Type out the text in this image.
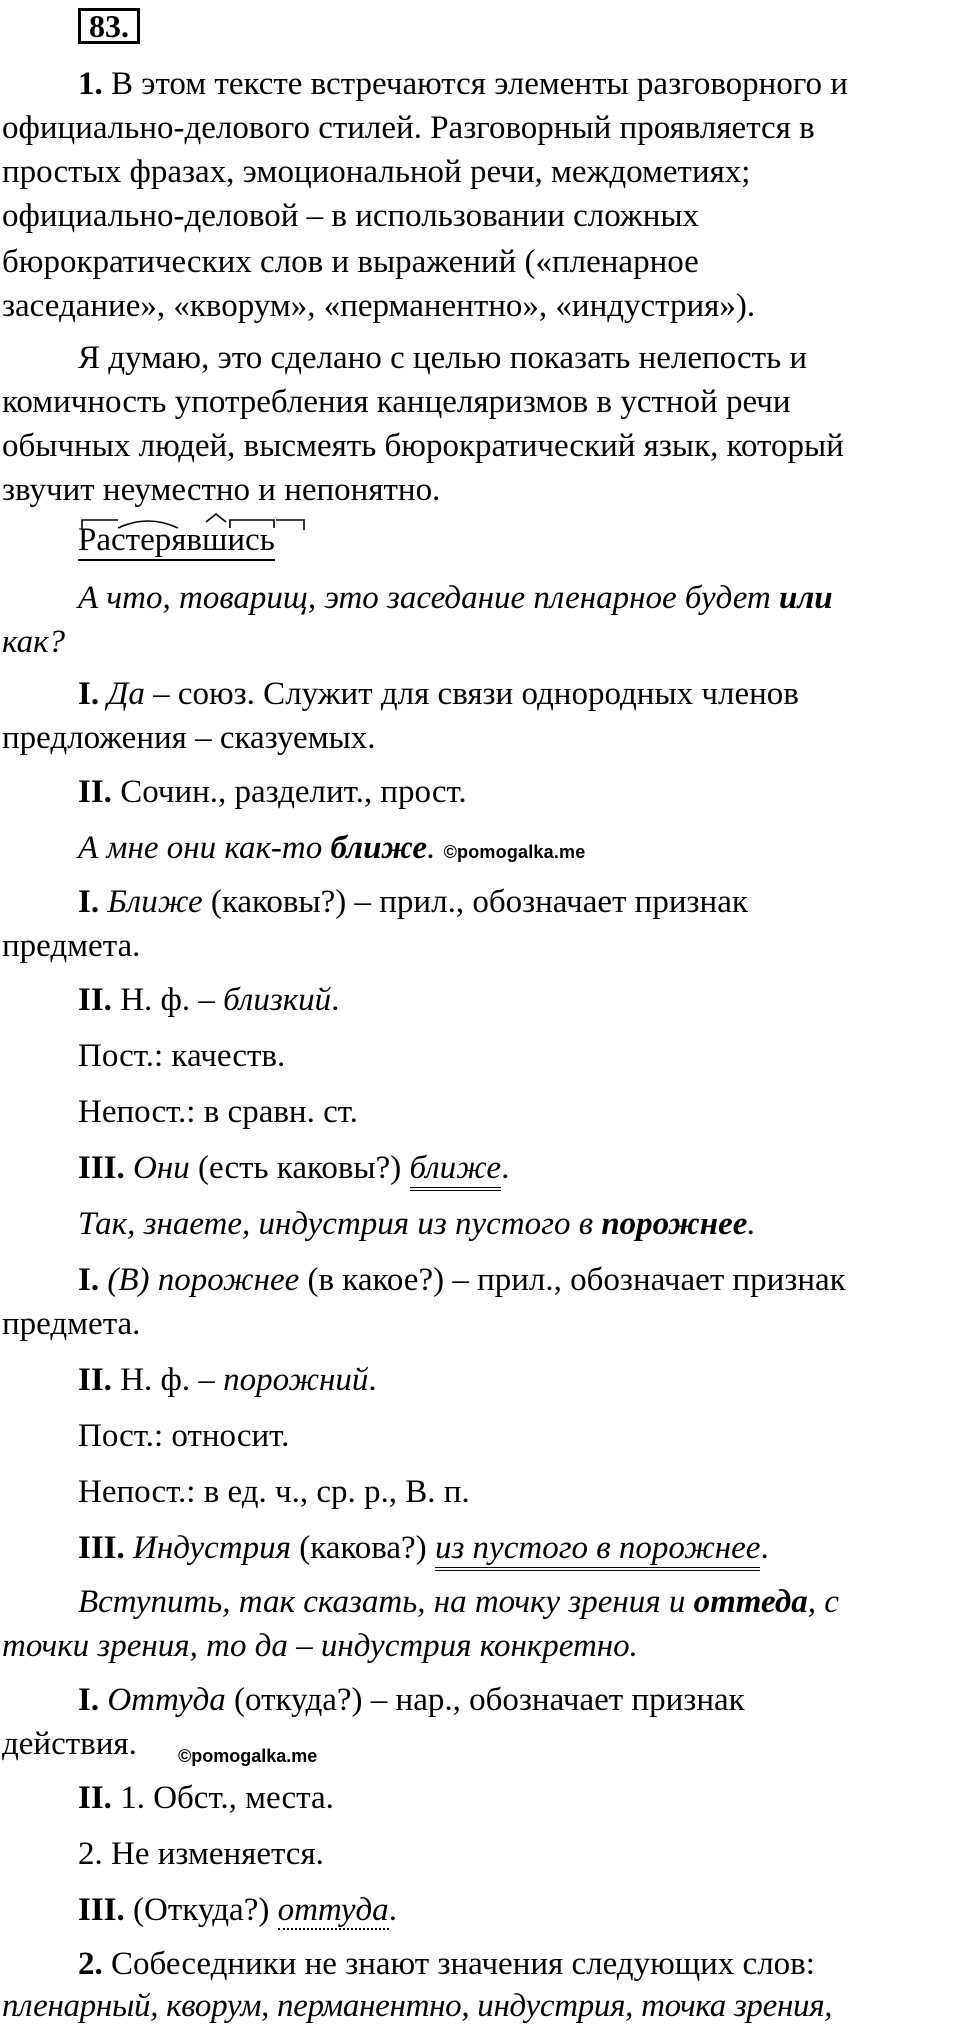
83.
1. В этом тексте встречаются элементы разговорного и
официально-делового стилей. Разговорный проявляется в
простых фразах, эмоциональной речи, междометиях;
официально-деловой – в использовании сложных
бюрократических слов и выражений («пленарное
заседание», «кворум», «перманентно», «индустрия»).
Я думаю, это сделано с целью показать нелепость и
комичность употребления канцеляризмов в устной речи
обычных людей, высмеять бюрократический язык, который
звучит неуместно и непонятно.
Растерявшись
А что, товарищ, это заседание пленарное будет или
как?
I. Да – союз. Служит для связи однородных членов
предложения – сказуемых.
II. Сочин., разделит., прост.
А мне они как-то ближе. ©pomogalka.me
I. Ближе (каковы?) – прил., обозначает признак
предмета.
II. Н. ф. – близкий.
Пост.: качеств.
Непост.: в сравн. ст.
III. Они (есть каковы?) ближе.
Так, знаете, индустрия из пустого в порожнее.
I. (В) порожнее (в какое?) – прил., обозначает признак
предмета.
II. Н. ф. – порожний.
Пост.: относит.
Непост.: в ед. ч., ср. р., В. п.
III. Индустрия (какова?) из пустого в порожнее.
Вступить, так сказать, на точку зрения и оттеда, с
точки зрения, то да – индустрия конкретно.
I. Оттуда (откуда?) – нар., обозначает признак
действия.	©pomogalka.me
II. 1. Обст., места.
2. Не изменяется.
III. (Откуда?) оттуда.
2. Собеседники не знают значения следующих слов:
пленарный, кворум, перманентно, индустрия, точка зрения,
